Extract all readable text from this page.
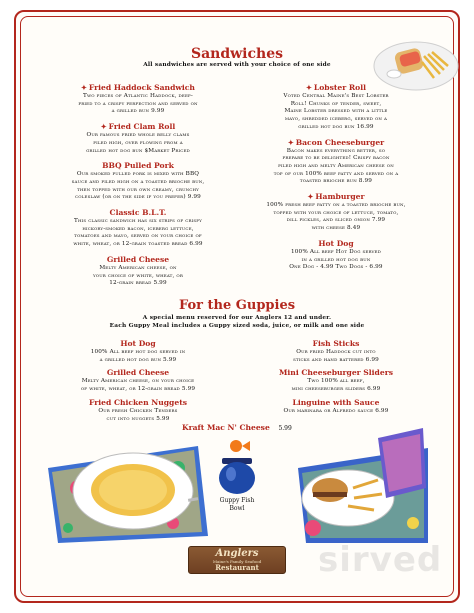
Sandwiches
All sandwiches are served with your choice of one side
✦ Fried Haddock Sandwich
Two pieces of Atlantic Haddock, deep-
fried to a crispy perfection and served on
a grilled bun 9.99
✦ Fried Clam Roll
Our famous fried whole belly clams
piled high, over flowing from a
grilled hot dog bun $Market Priced
BBQ Pulled Pork
Our smoked pulled pork is mixed with BBQ
sauce and piled high on a toasted brioche bun,
then topped with our own creamy, crunchy
coleslaw (or on the side if you prefer) 9.99
Classic B.L.T.
This classic sandwich has six strips of crispy
hickory-smoked bacon, iceberg lettuce,
tomatoes and mayo, served on your choice of
white, wheat, or 12-grain toasted bread 6.99
Grilled Cheese
Melty American cheese, on
your choice of white, wheat, or
12-grain bread 5.99
✦ Lobster Roll
Voted Central Maine's Best Lobster
Roll! Chunks of tender, sweet,
Maine Lobster dressed with a little
mayo, shredded iceberg, served on a
grilled hot dog bun 16.99
✦ Bacon Cheeseburger
Bacon makes everything better, so
prepare to be delighted! Crispy bacon
piled high and melty American cheese on
top of our 100% beef patty and served on a
toasted brioche bun 8.99
✦ Hamburger
100% fresh beef patty on a toasted brioche bun,
topped with your choice of lettuce, tomato,
dill pickles, and sliced onion 7.99
with cheese 8.49
Hot Dog
100% All beef Hot Dog served
in a grilled hot dog bun
One Dog - 4.99 Two Dogs - 6.99
For the Guppies
A special menu reserved for our Anglers 12 and under.
Each Guppy Meal includes a Guppy sized soda, juice, or milk and one side
Hot Dog
100% All beef hot dog served in
a grilled hot dog bun 5.99
Grilled Cheese
Melty American cheese, on your choice
of white, wheat, or 12-grain bread 5.99
Fried Chicken Nuggets
Our fresh Chicken Tenders
cut into nuggets 5.99
Fish Sticks
Our fried Haddock cut into
sticks and hand battered 6.99
Mini Cheeseburger Sliders
Two 100% all beef,
mini cheeseburger sliders 6.99
Linguine with Sauce
Our marinara or Alfredo sauce 6.99
Kraft Mac N' Cheese 5.99
Guppy Fish
Bowl
Anglers
Maine's Family Seafood
Restaurant	sirved
